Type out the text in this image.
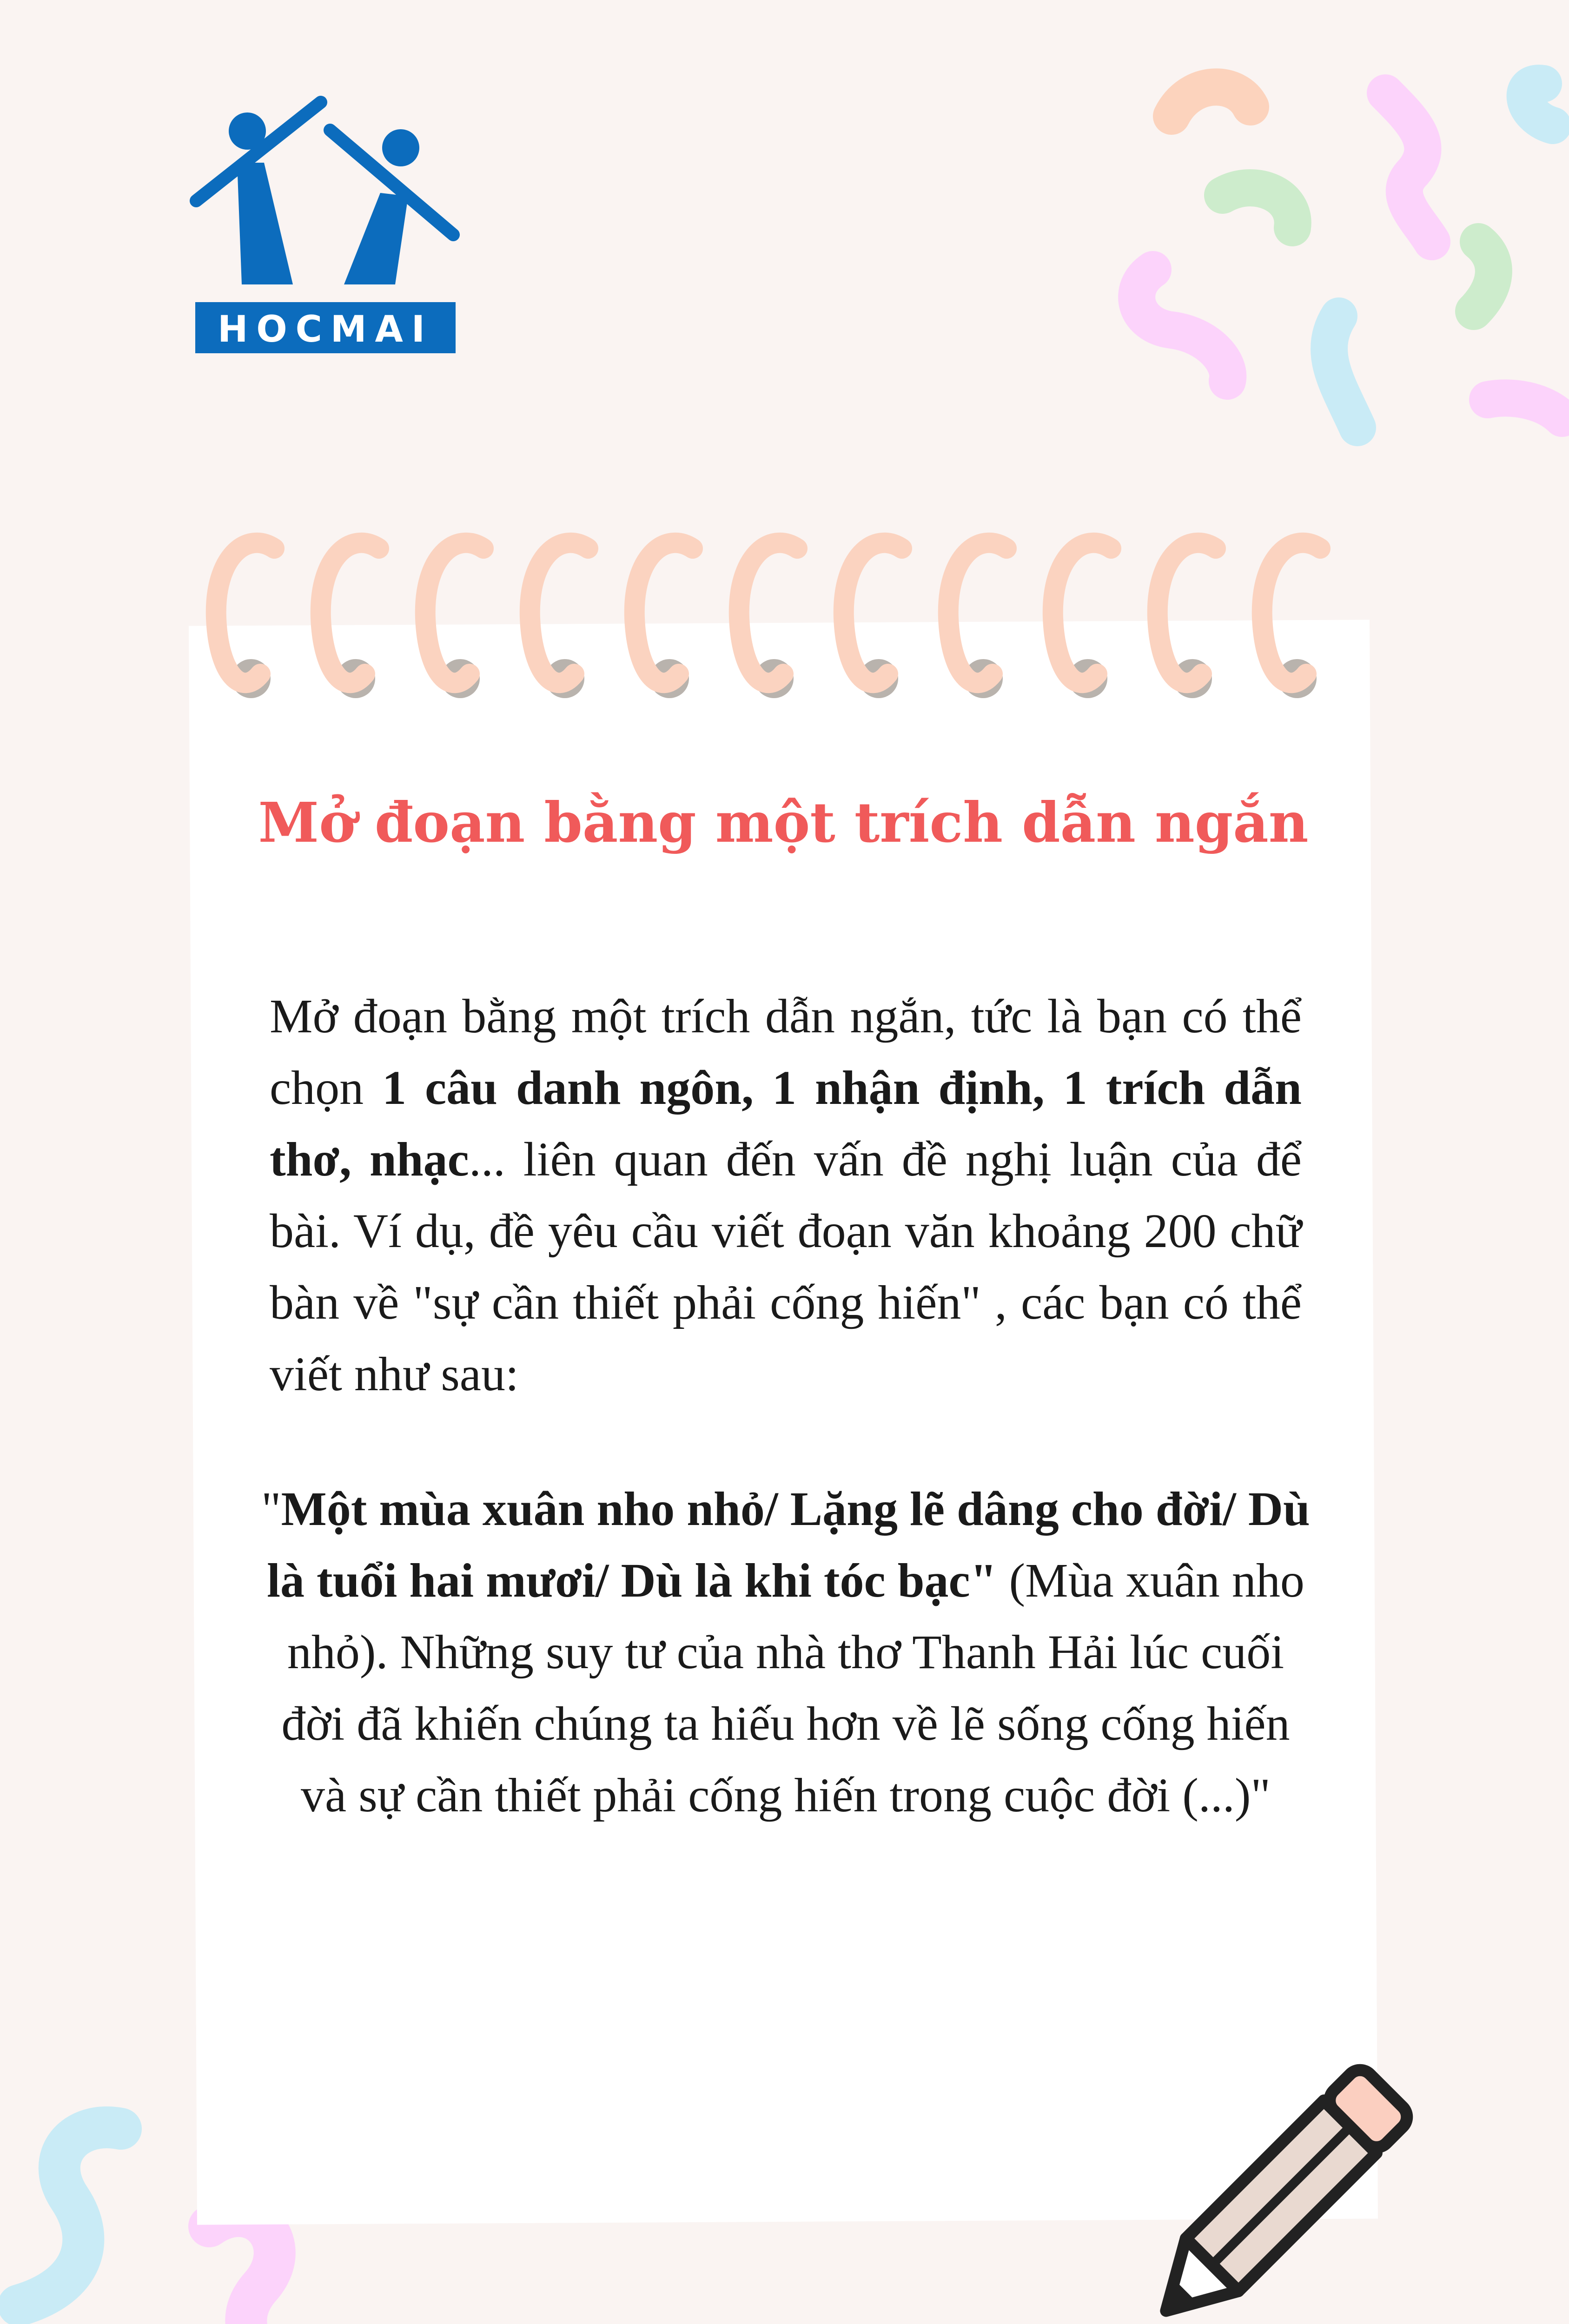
HOCMAI
Mở đoạn bằng một trích dẫn ngắn

Mở đoạn bằng một trích dẫn ngắn, tức là bạn có thể chọn 1 câu danh ngôn, 1 nhận định, 1 trích dẫn thơ, nhạc... liên quan đến vấn đề nghị luận của để bài. Ví dụ, đề yêu cầu viết đoạn văn khoảng 200 chữ bàn về "sự cần thiết phải cống hiến" , các bạn có thể viết như sau:

"Một mùa xuân nho nhỏ/ Lặng lẽ dâng cho đời/ Dù là tuổi hai mươi/ Dù là khi tóc bạc" (Mùa xuân nho nhỏ). Những suy tư của nhà thơ Thanh Hải lúc cuối đời đã khiến chúng ta hiếu hơn về lẽ sống cống hiến và sự cần thiết phải cống hiến trong cuộc đời (...)"
